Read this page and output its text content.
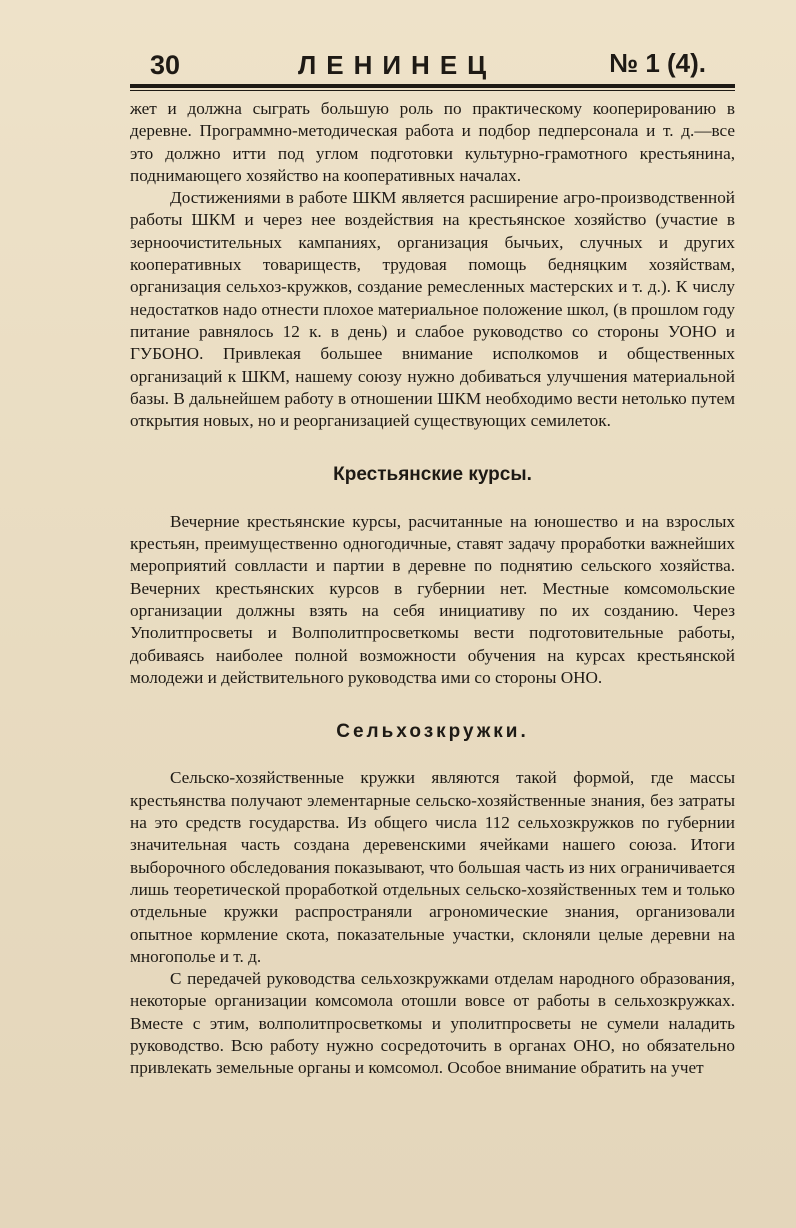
30	ЛЕНИНЕЦ	№ 1 (4).

жет и должна сыграть большую роль по практическому кооперированию в деревне. Программно-методическая работа и подбор педперсонала и т. д.—все это должно итти под углом подготовки культурно-грамотного крестьянина, поднимающего хозяйство на кооперативных началах.

Достижениями в работе ШКМ является расширение агро-производственной работы ШКМ и через нее воздействия на крестьянское хозяйство (участие в зерноочистительных кампаниях, организация бычьих, случных и других кооперативных товариществ, трудовая помощь бедняцким хозяйствам, организация сельхоз-кружков, создание ремесленных мастерских и т. д.). К числу недостатков надо отнести плохое материальное положение школ, (в прошлом году питание равнялось 12 к. в день) и слабое руководство со стороны УОНО и ГУБОНО. Привлекая большее внимание исполкомов и общественных организаций к ШКМ, нашему союзу нужно добиваться улучшения материальной базы. В дальнейшем работу в отношении ШКМ необходимо вести нетолько путем открытия новых, но и реорганизацией существующих семилеток.

Крестьянские курсы.

Вечерние крестьянские курсы, расчитанные на юношество и на взрослых крестьян, преимущественно одногодичные, ставят задачу проработки важнейших мероприятий совлласти и партии в деревне по поднятию сельского хозяйства. Вечерних крестьянских курсов в губернии нет. Местные комсомольские организации должны взять на себя инициативу по их созданию. Через Уполитпросветы и Волполитпросветкомы вести подготовительные работы, добиваясь наиболее полной возможности обучения на курсах крестьянской молодежи и действительного руководства ими со стороны ОНО.

Сельхозкружки.

Сельско-хозяйственные кружки являются такой формой, где массы крестьянства получают элементарные сельско-хозяйственные знания, без затраты на это средств государства. Из общего числа 112 сельхозкружков по губернии значительная часть создана деревенскими ячейками нашего союза. Итоги выборочного обследования показывают, что большая часть из них ограничивается лишь теоретической проработкой отдельных сельско-хозяйственных тем и только отдельные кружки распространяли агрономические знания, организовали опытное кормление скота, показательные участки, склоняли целые деревни на многополье и т. д.

С передачей руководства сельхозкружками отделам народного образования, некоторые организации комсомола отошли вовсе от работы в сельхозкружках. Вместе с этим, волполитпросветкомы и уполитпросветы не сумели наладить руководство. Всю работу нужно сосредоточить в органах ОНО, но обязательно привлекать земельные органы и комсомол. Особое внимание обратить на учет
